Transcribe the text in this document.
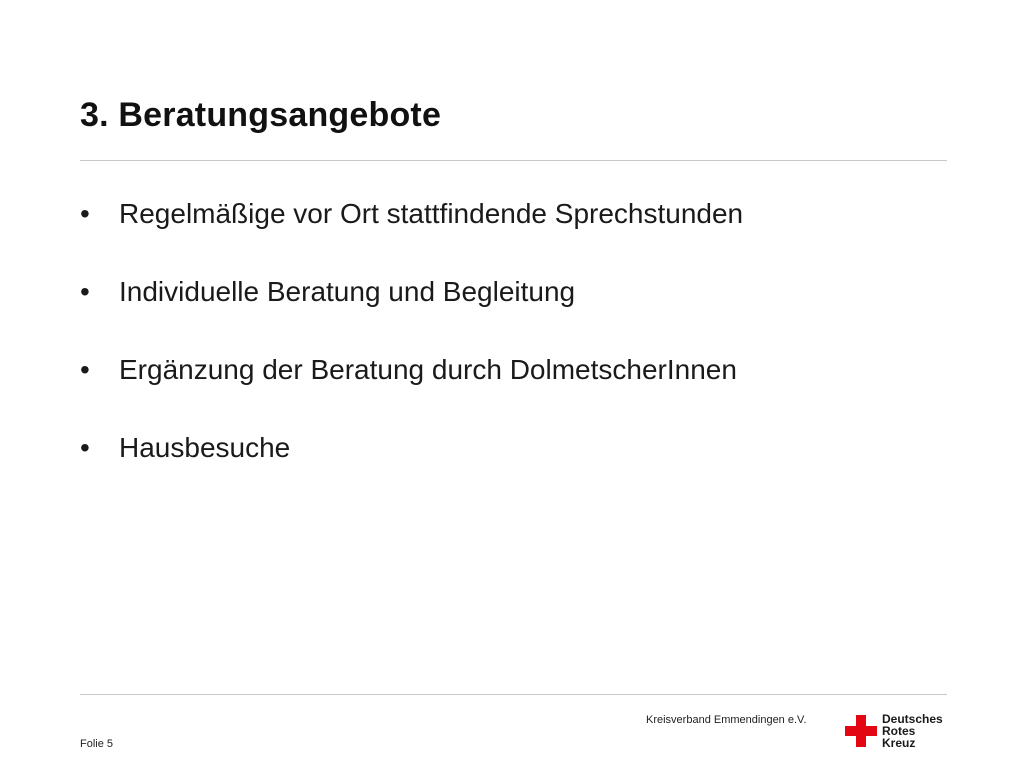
3. Beratungsangebote
•	Regelmäßige vor Ort stattfindende Sprechstunden
•	Individuelle Beratung und Begleitung
•	Ergänzung der Beratung durch DolmetscherInnen
•	Hausbesuche
Kreisverband Emmendingen e.V.
Folie 5
Deutsches
Rotes
Kreuz
